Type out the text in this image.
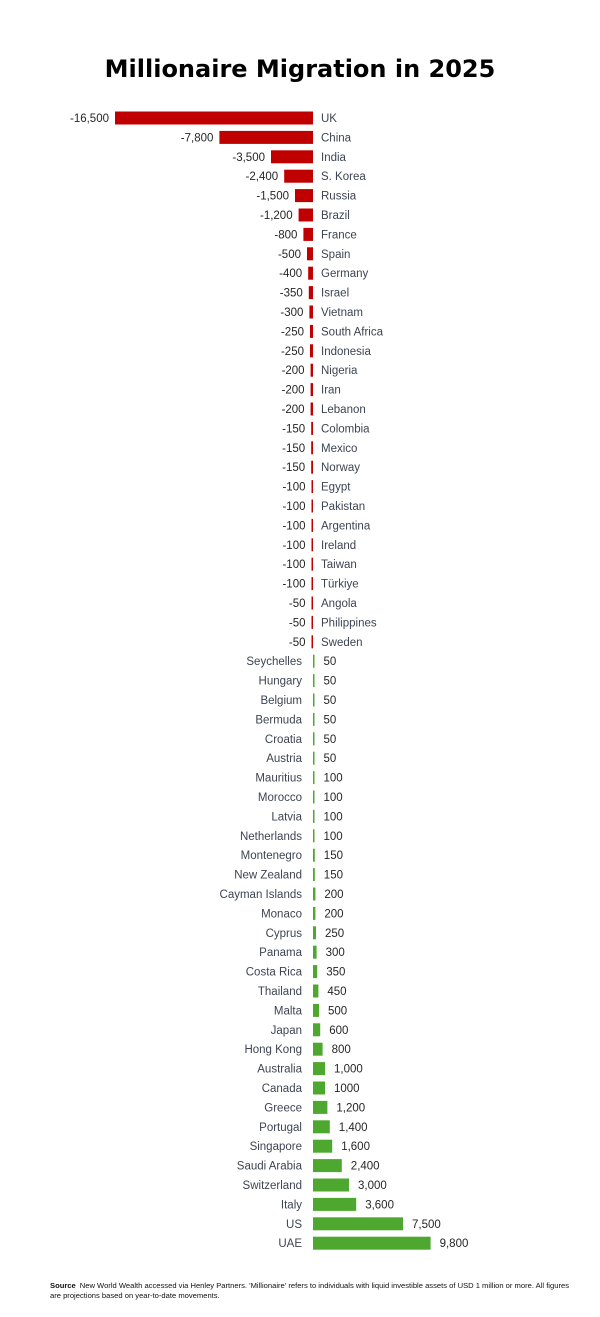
Millionaire Migration in 2025
UK
-16,500
China
-7,800
India
-3,500
S. Korea
-2,400
Russia
-1,500
Brazil
-1,200
France
-800
Spain
-500
Germany
-400
Israel
-350
Vietnam
-300
South Africa
-250
Indonesia
-250
Nigeria
-200
Iran
-200
Lebanon
-200
Colombia
-150
Mexico
-150
Norway
-150
Egypt
-100
Pakistan
-100
Argentina
-100
Ireland
-100
Taiwan
-100
Türkiye
-100
Angola
-50
Philippines
-50
Sweden
-50
Seychelles 50
Hungary 50
Belgium 50
Bermuda 50
Croatia 50
Austria 50
Mauritius 100
Morocco 100
Latvia 100
Netherlands 100
Montenegro 150
New Zealand 150
Cayman Islands 200
Monaco 200
Cyprus 250
Panama 300
Costa Rica 350
Thailand 450
Malta 500
Japan 600
Hong Kong	800
Australia	1,000
Canada	1000
Greece	1,200
Portugal	1,400
Singapore	1,600
Saudi Arabia	2,400
Switzerland	3,000
Italy	3,600
US	7,500
UAE	9,800
Source New World Wealth accessed via Henley Partners. 'Millionaire' refers to individuals with liquid investible assets of USD 1 million or more. All figures are projections based on year-to-date movements.
